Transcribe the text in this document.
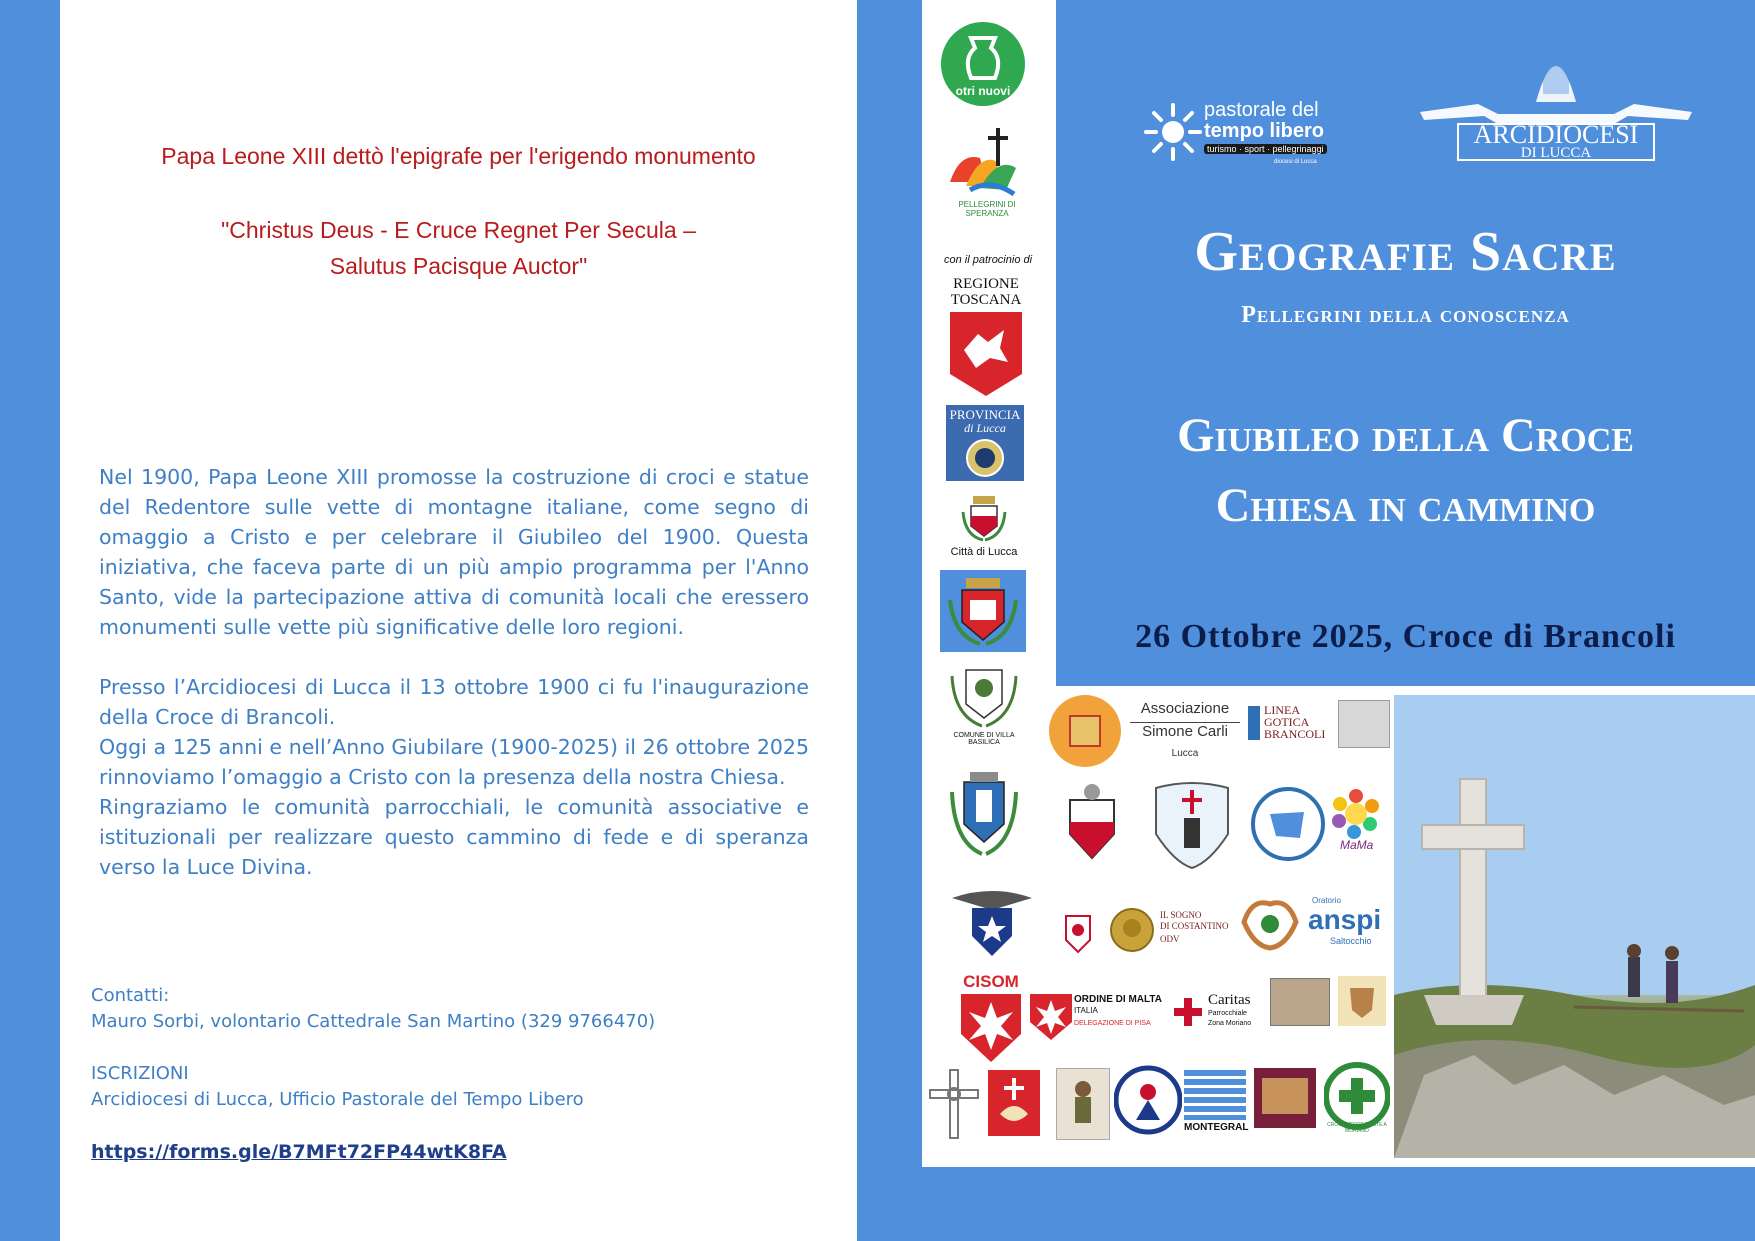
Papa Leone XIII dettò l'epigrafe per l'erigendo monumento
"Christus Deus - E Cruce Regnet Per Secula –
Salutus Pacisque Auctor"

Nel 1900, Papa Leone XIII promosse la costruzione di croci e statue del Redentore sulle vette di montagne italiane, come segno di omaggio a Cristo e per celebrare il Giubileo del 1900. Questa iniziativa, che faceva parte di un più ampio programma per l'Anno Santo, vide la partecipazione attiva di comunità locali che eressero monumenti sulle vette più significative delle loro regioni.

Presso l’Arcidiocesi di Lucca il 13 ottobre 1900 ci fu l'inaugurazione della Croce di Brancoli.

Oggi a 125 anni e nell’Anno Giubilare (1900-2025) il 26 ottobre 2025 rinnoviamo l’omaggio a Cristo con la presenza della nostra Chiesa.

Ringraziamo le comunità parrocchiali, le comunità associative e istituzionali per realizzare questo cammino di fede e di speranza verso la Luce Divina.

Contatti:
Mauro Sorbi, volontario Cattedrale San Martino (329 9766470)
ISCRIZIONI
Arcidiocesi di Lucca, Ufficio Pastorale del Tempo Libero
https://forms.gle/B7MFt72FP44wtK8FA
pastorale del
tempo libero
turismo · sport · pellegrinaggi
diocesi di Lucca
ARCIDIOCESI
DI LUCCA
Geografie Sacre
Pellegrini della conoscenza
Giubileo della Croce
Chiesa in cammino
26 Ottobre 2025, Croce di Brancoli
otri nuovi
PELLEGRINI DI SPERANZA
con il patrocinio di
REGIONE
TOSCANA
PROVINCIA
di Lucca
Città di Lucca
COMUNE DI VILLA BASILICA
CISOM
Associazione
Simone Carli
Lucca
LINEA
GOTICA
BRANCOLI
MaMa
IL SOGNO
DI COSTANTINO
ODV
Oratorio
anspi
Saltocchio
ORDINE DI MALTA
ITALIA
DELEGAZIONE DI PISA
Caritas
Parrocchiale
Zona Moriano
MONTEGRAL	CROCE VERDE PONTE A MORIANO
